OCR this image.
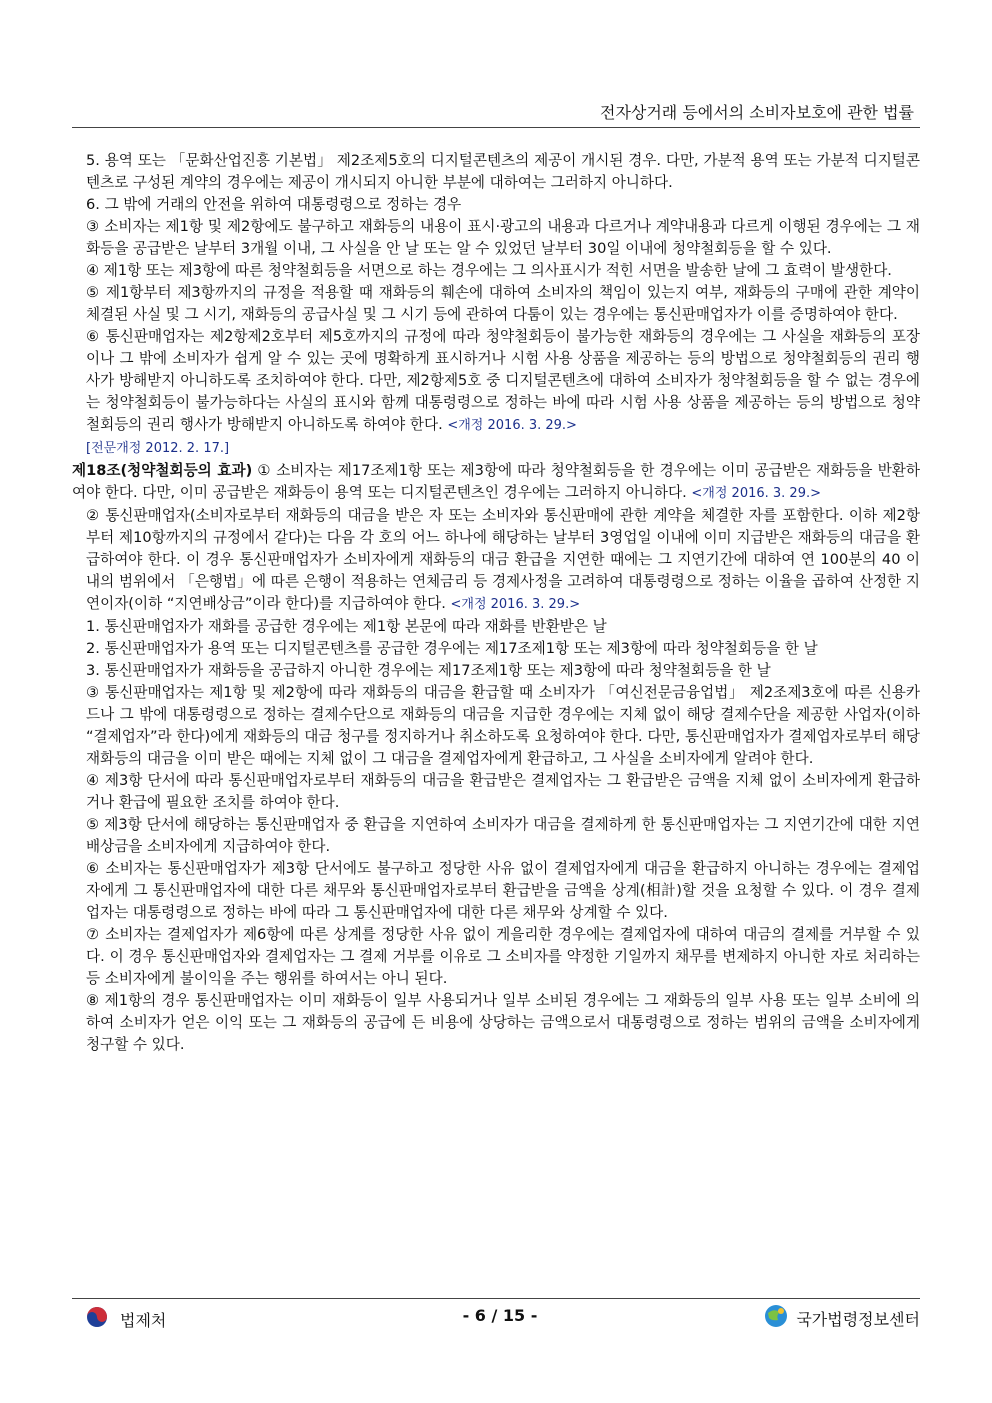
전자상거래 등에서의 소비자보호에 관한 법률

5. 용역 또는 「문화산업진흥 기본법」 제2조제5호의 디지털콘텐츠의 제공이 개시된 경우. 다만, 가분적 용역 또는 가분적 디지털콘텐츠로 구성된 계약의 경우에는 제공이 개시되지 아니한 부분에 대하여는 그러하지 아니하다.

6. 그 밖에 거래의 안전을 위하여 대통령령으로 정하는 경우

③ 소비자는 제1항 및 제2항에도 불구하고 재화등의 내용이 표시·광고의 내용과 다르거나 계약내용과 다르게 이행된 경우에는 그 재화등을 공급받은 날부터 3개월 이내, 그 사실을 안 날 또는 알 수 있었던 날부터 30일 이내에 청약철회등을 할 수 있다.

④ 제1항 또는 제3항에 따른 청약철회등을 서면으로 하는 경우에는 그 의사표시가 적힌 서면을 발송한 날에 그 효력이 발생한다.

⑤ 제1항부터 제3항까지의 규정을 적용할 때 재화등의 훼손에 대하여 소비자의 책임이 있는지 여부, 재화등의 구매에 관한 계약이 체결된 사실 및 그 시기, 재화등의 공급사실 및 그 시기 등에 관하여 다툼이 있는 경우에는 통신판매업자가 이를 증명하여야 한다.

⑥ 통신판매업자는 제2항제2호부터 제5호까지의 규정에 따라 청약철회등이 불가능한 재화등의 경우에는 그 사실을 재화등의 포장이나 그 밖에 소비자가 쉽게 알 수 있는 곳에 명확하게 표시하거나 시험 사용 상품을 제공하는 등의 방법으로 청약철회등의 권리 행사가 방해받지 아니하도록 조치하여야 한다. 다만, 제2항제5호 중 디지털콘텐츠에 대하여 소비자가 청약철회등을 할 수 없는 경우에는 청약철회등이 불가능하다는 사실의 표시와 함께 대통령령으로 정하는 바에 따라 시험 사용 상품을 제공하는 등의 방법으로 청약철회등의 권리 행사가 방해받지 아니하도록 하여야 한다. <개정 2016. 3. 29.>

[전문개정 2012. 2. 17.]

제18조(청약철회등의 효과) ① 소비자는 제17조제1항 또는 제3항에 따라 청약철회등을 한 경우에는 이미 공급받은 재화등을 반환하여야 한다. 다만, 이미 공급받은 재화등이 용역 또는 디지털콘텐츠인 경우에는 그러하지 아니하다. <개정 2016. 3. 29.>

② 통신판매업자(소비자로부터 재화등의 대금을 받은 자 또는 소비자와 통신판매에 관한 계약을 체결한 자를 포함한다. 이하 제2항부터 제10항까지의 규정에서 같다)는 다음 각 호의 어느 하나에 해당하는 날부터 3영업일 이내에 이미 지급받은 재화등의 대금을 환급하여야 한다. 이 경우 통신판매업자가 소비자에게 재화등의 대금 환급을 지연한 때에는 그 지연기간에 대하여 연 100분의 40 이내의 범위에서 「은행법」에 따른 은행이 적용하는 연체금리 등 경제사정을 고려하여 대통령령으로 정하는 이율을 곱하여 산정한 지연이자(이하 “지연배상금”이라 한다)를 지급하여야 한다. <개정 2016. 3. 29.>

1. 통신판매업자가 재화를 공급한 경우에는 제1항 본문에 따라 재화를 반환받은 날

2. 통신판매업자가 용역 또는 디지털콘텐츠를 공급한 경우에는 제17조제1항 또는 제3항에 따라 청약철회등을 한 날

3. 통신판매업자가 재화등을 공급하지 아니한 경우에는 제17조제1항 또는 제3항에 따라 청약철회등을 한 날

③ 통신판매업자는 제1항 및 제2항에 따라 재화등의 대금을 환급할 때 소비자가 「여신전문금융업법」 제2조제3호에 따른 신용카드나 그 밖에 대통령령으로 정하는 결제수단으로 재화등의 대금을 지급한 경우에는 지체 없이 해당 결제수단을 제공한 사업자(이하 “결제업자”라 한다)에게 재화등의 대금 청구를 정지하거나 취소하도록 요청하여야 한다. 다만, 통신판매업자가 결제업자로부터 해당 재화등의 대금을 이미 받은 때에는 지체 없이 그 대금을 결제업자에게 환급하고, 그 사실을 소비자에게 알려야 한다.

④ 제3항 단서에 따라 통신판매업자로부터 재화등의 대금을 환급받은 결제업자는 그 환급받은 금액을 지체 없이 소비자에게 환급하거나 환급에 필요한 조치를 하여야 한다.

⑤ 제3항 단서에 해당하는 통신판매업자 중 환급을 지연하여 소비자가 대금을 결제하게 한 통신판매업자는 그 지연기간에 대한 지연배상금을 소비자에게 지급하여야 한다.

⑥ 소비자는 통신판매업자가 제3항 단서에도 불구하고 정당한 사유 없이 결제업자에게 대금을 환급하지 아니하는 경우에는 결제업자에게 그 통신판매업자에 대한 다른 채무와 통신판매업자로부터 환급받을 금액을 상계(相計)할 것을 요청할 수 있다. 이 경우 결제업자는 대통령령으로 정하는 바에 따라 그 통신판매업자에 대한 다른 채무와 상계할 수 있다.

⑦ 소비자는 결제업자가 제6항에 따른 상계를 정당한 사유 없이 게을리한 경우에는 결제업자에 대하여 대금의 결제를 거부할 수 있다. 이 경우 통신판매업자와 결제업자는 그 결제 거부를 이유로 그 소비자를 약정한 기일까지 채무를 변제하지 아니한 자로 처리하는 등 소비자에게 불이익을 주는 행위를 하여서는 아니 된다.

⑧ 제1항의 경우 통신판매업자는 이미 재화등이 일부 사용되거나 일부 소비된 경우에는 그 재화등의 일부 사용 또는 일부 소비에 의하여 소비자가 얻은 이익 또는 그 재화등의 공급에 든 비용에 상당하는 금액으로서 대통령령으로 정하는 범위의 금액을 소비자에게 청구할 수 있다.

법제처	- 6 / 15 -	국가법령정보센터
